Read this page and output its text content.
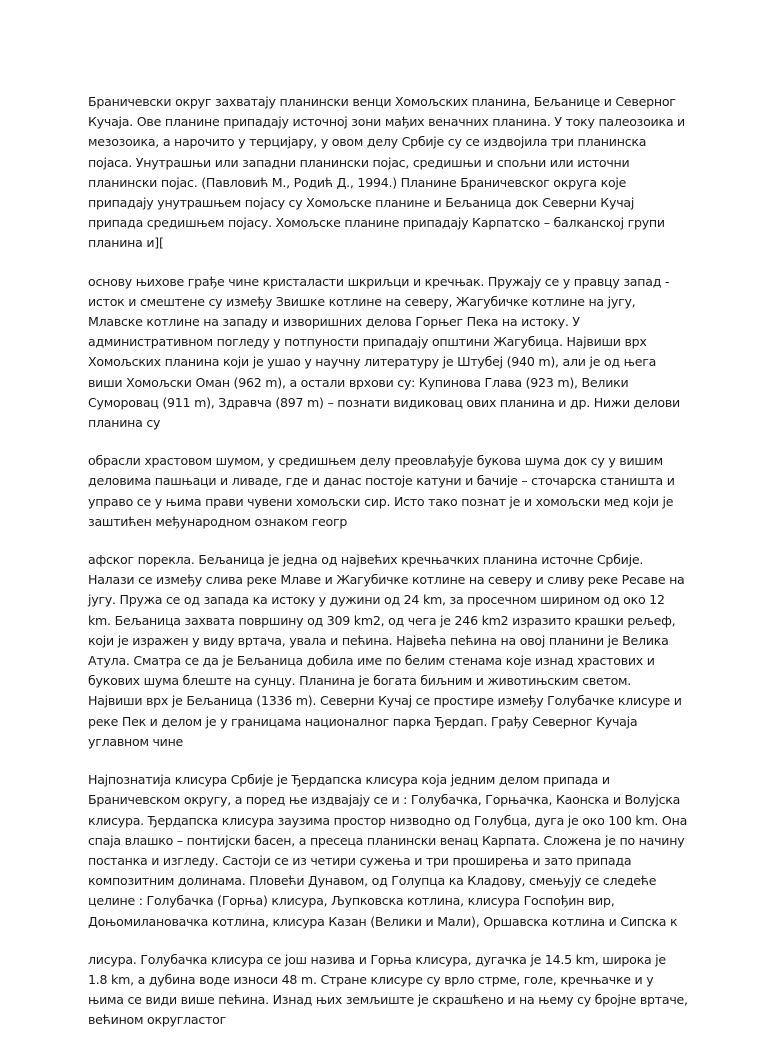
Браничевски округ захватају планински венци Хомољских планина, Бељанице и Северног Кучаја. Ове планине припадају источној зони мађих веначних планина. У току палеозоика и мезозоика, а нарочито у терцијару, у овом делу Србије су се издвојила три планинска појаса. Унутрашњи или западни планински појас, средишњи и спољни или источни планински појас. (Павловић М., Родић Д., 1994.) Планине Браничевског округа које припадају унутрашњем појасу су Хомољске планине и Бељаница док Северни Кучај припада средишњем појасу. Хомољске планине припадају Карпатско – балканској групи планина и][

основу њихове грађе чине кристаласти шкриљци и кречњак. Пружају се у правцу запад - исток и смештене су између Звишке котлине на северу, Жагубичке котлине на југу, Млавске котлине на западу и изворишних делова Горњег Пека на истоку. У административном погледу у потпуности припадају општини Жагубица. Највиши врх Хомољских планина који је ушао у научну литературу је Штубеј (940 m), али је од њега виши Хомољски Оман (962 m), а остали врхови су: Купинова Глава (923 m), Велики Суморовац (911 m), Здравча (897 m) – познати видиковац ових планина и др. Нижи делови планина су

обрасли храстовом шумом, у средишњем делу преовлађује букова шума док су у вишим деловима пашњаци и ливаде, где и данас постоје катуни и бачије – сточарска станишта и управо се у њима прави чувени хомољски сир. Исто тако познат је и хомољски мед који је заштићен међународном ознаком геогр

афског порекла. Бељаница је једна од највећих кречњачких планина источне Србије. Налази се између слива реке Млаве и Жагубичке котлине на северу и сливу реке Ресаве на југу. Пружа се од запада ка истоку у дужини од 24 km, за просечном ширином од око 12 km. Бељаница захвата површину од 309 km2, од чега је 246 km2 изразито крашки рељеф, који је изражен у виду вртача, увала и пећина. Највећа пећина на овој планини је Велика Атула. Сматра се да је Бељаница добила име по белим стенама које изнад храстових и букових шума блеште на сунцу. Планина је богата биљним и животињским светом. Највиши врх је Бељаница (1336 m). Северни Кучај се простире између Голубачке клисуре и реке Пек и делом је у границама националног парка Ђердап. Грађу Северног Кучаја углавном чине

Најпознатија клисура Србије је Ђердапска клисура која једним делом припада и Браничевском округу, а поред ње издвајају се и : Голубачка, Горњачка, Каонска и Волујска клисура. Ђердапска клисура заузима простор низводно од Голубца, дуга је око 100 km. Она спаја влашко – понтијски басен, а пресеца планински венац Карпата. Сложена је по начину постанка и изгледу. Састоји се из четири сужења и три проширења и зато припада композитним долинама. Пловећи Дунавом, од Голупца ка Кладову, смењују се следеће целине : Голубачка (Горња) клисура, Љупковска котлина, клисура Госпођин вир, Доњомилановачка котлина, клисура Казан (Велики и Мали), Оршавска котлина и Сипска к

лисура. Голубачка клисура се још назива и Горња клисура, дугачка је 14.5 km, широка је 1.8 km, а дубина воде износи 48 m. Стране клисуре су врло стрме, голе, кречњачке и у њима се види више пећина. Изнад њих земљиште је скрашћено и на њему су бројне вртаче, већином округластог
